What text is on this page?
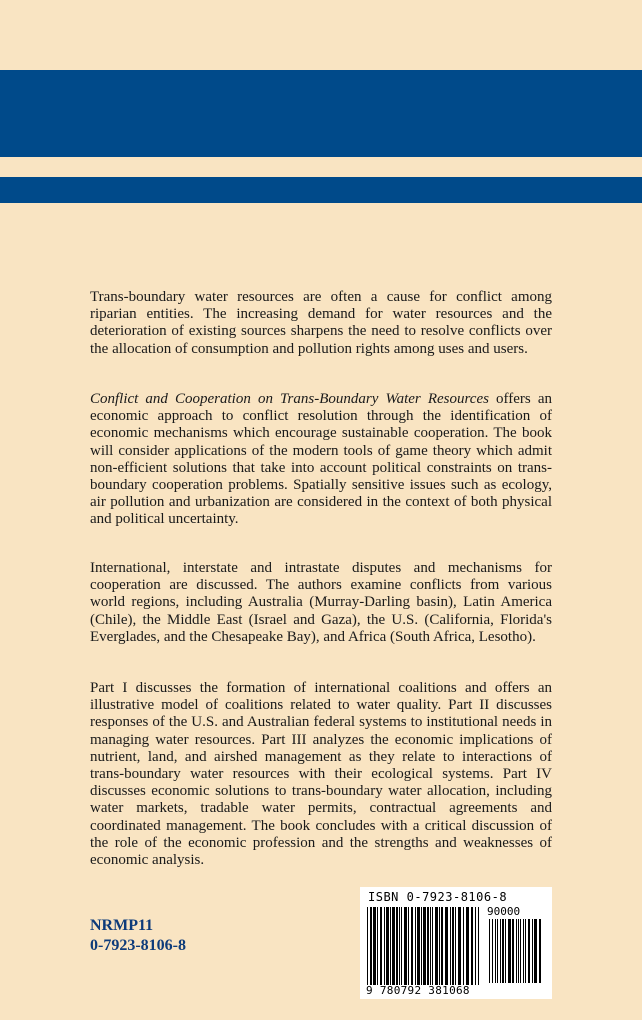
Trans-boundary water resources are often a cause for conflict among riparian entities. The increasing demand for water resources and the deterioration of existing sources sharpens the need to resolve conflicts over the allocation of consumption and pollution rights among uses and users.

Conflict and Cooperation on Trans-Boundary Water Resources offers an economic approach to conflict resolution through the identification of economic mechanisms which encourage sustainable cooperation. The book will consider applications of the modern tools of game theory which admit non-efficient solutions that take into account political constraints on trans-boundary cooperation problems. Spatially sensitive issues such as ecology, air pollution and urbanization are considered in the context of both physical and political uncertainty.

International, interstate and intrastate disputes and mechanisms for cooperation are discussed. The authors examine conflicts from various world regions, including Australia (Murray-Darling basin), Latin America (Chile), the Middle East (Israel and Gaza), the U.S. (California, Florida's Everglades, and the Chesapeake Bay), and Africa (South Africa, Lesotho).

Part I discusses the formation of international coalitions and offers an illustrative model of coalitions related to water quality. Part II discusses responses of the U.S. and Australian federal systems to institutional needs in managing water resources. Part III analyzes the economic implications of nutrient, land, and airshed management as they relate to interactions of trans-boundary water resources with their ecological systems. Part IV discusses economic solutions to trans-boundary water allocation, including water markets, tradable water permits, contractual agreements and coordinated management. The book concludes with a critical discussion of the role of the economic profession and the strengths and weaknesses of economic analysis.

NRMP11
0-7923-8106-8
ISBN 0-7923-8106-8
90000
9 780792 381068
